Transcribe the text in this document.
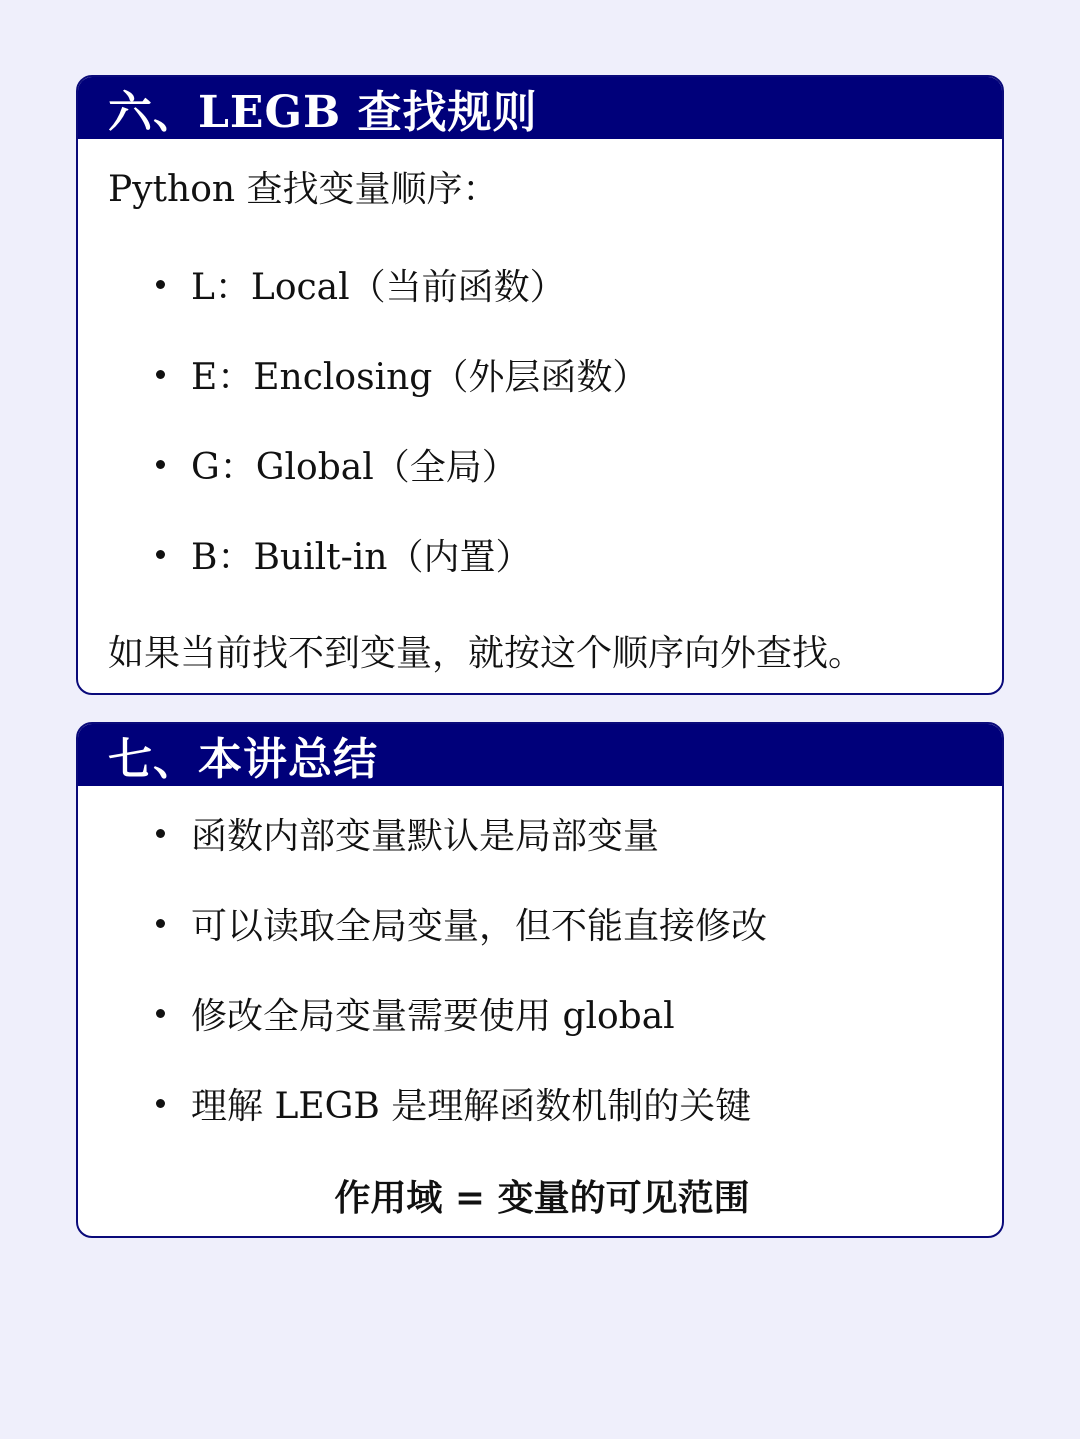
六、LEGB 查找规则

Python 查找变量顺序：

L：Local（当前函数）
E：Enclosing（外层函数）
G：Global（全局）
B：Built-in（内置）

如果当前找不到变量，就按这个顺序向外查找。

七、本讲总结
函数内部变量默认是局部变量
可以读取全局变量，但不能直接修改
修改全局变量需要使用 global
理解 LEGB 是理解函数机制的关键

作用域 = 变量的可见范围
